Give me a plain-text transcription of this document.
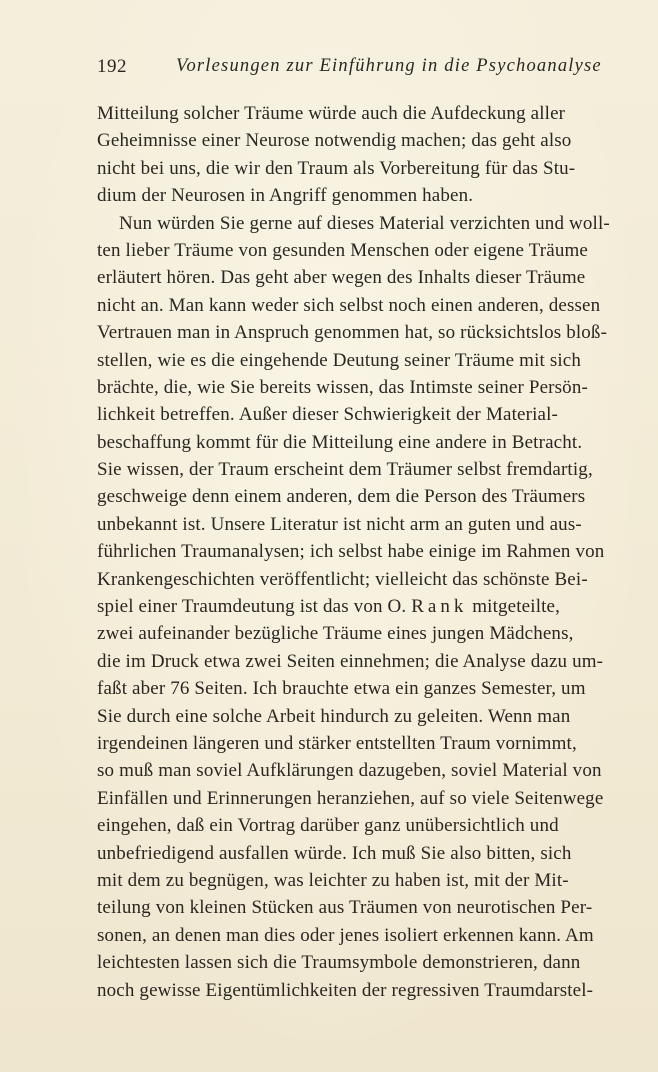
192	Vorlesungen zur Einführung in die Psychoanalyse
Mitteilung solcher Träume würde auch die Aufdeckung aller
Geheimnisse einer Neurose notwendig machen; das geht also
nicht bei uns, die wir den Traum als Vorbereitung für das Stu-
dium der Neurosen in Angriff genommen haben.
Nun würden Sie gerne auf dieses Material verzichten und woll-
ten lieber Träume von gesunden Menschen oder eigene Träume
erläutert hören. Das geht aber wegen des Inhalts dieser Träume
nicht an. Man kann weder sich selbst noch einen anderen, dessen
Vertrauen man in Anspruch genommen hat, so rücksichtslos bloß-
stellen, wie es die eingehende Deutung seiner Träume mit sich
brächte, die, wie Sie bereits wissen, das Intimste seiner Persön-
lichkeit betreffen. Außer dieser Schwierigkeit der Material-
beschaffung kommt für die Mitteilung eine andere in Betracht.
Sie wissen, der Traum erscheint dem Träumer selbst fremdartig,
geschweige denn einem anderen, dem die Person des Träumers
unbekannt ist. Unsere Literatur ist nicht arm an guten und aus-
führlichen Traumanalysen; ich selbst habe einige im Rahmen von
Krankengeschichten veröffentlicht; vielleicht das schönste Bei-
spiel einer Traumdeutung ist das von O. Rank mitgeteilte,
zwei aufeinander bezügliche Träume eines jungen Mädchens,
die im Druck etwa zwei Seiten einnehmen; die Analyse dazu um-
faßt aber 76 Seiten. Ich brauchte etwa ein ganzes Semester, um
Sie durch eine solche Arbeit hindurch zu geleiten. Wenn man
irgendeinen längeren und stärker entstellten Traum vornimmt,
so muß man soviel Aufklärungen dazugeben, soviel Material von
Einfällen und Erinnerungen heranziehen, auf so viele Seitenwege
eingehen, daß ein Vortrag darüber ganz unübersichtlich und
unbefriedigend ausfallen würde. Ich muß Sie also bitten, sich
mit dem zu begnügen, was leichter zu haben ist, mit der Mit-
teilung von kleinen Stücken aus Träumen von neurotischen Per-
sonen, an denen man dies oder jenes isoliert erkennen kann. Am
leichtesten lassen sich die Traumsymbole demonstrieren, dann
noch gewisse Eigentümlichkeiten der regressiven Traumdarstel-
